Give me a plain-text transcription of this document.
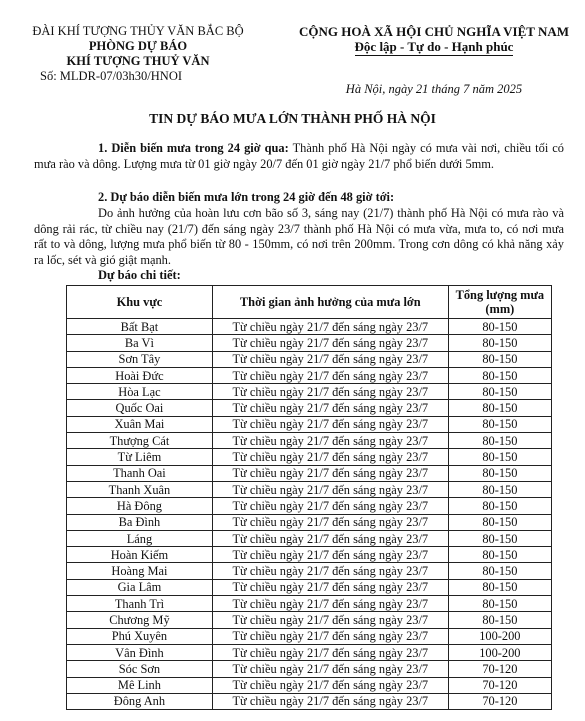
ĐÀI KHÍ TƯỢNG THỦY VĂN BẮC BỘ
PHÒNG DỰ BÁO
KHÍ TƯỢNG THUỶ VĂN
Số: MLDR-07/03h30/HNOI
CỘNG HOÀ XÃ HỘI CHỦ NGHĨA VIỆT NAM
Độc lập - Tự do - Hạnh phúc
Hà Nội, ngày 21 tháng 7 năm 2025
TIN DỰ BÁO MƯA LỚN THÀNH PHỐ HÀ NỘI
1. Diễn biến mưa trong 24 giờ qua: Thành phố Hà Nội ngày có mưa vài nơi, chiều tối có mưa rào và dông. Lượng mưa từ 01 giờ ngày 20/7 đến 01 giờ ngày 21/7 phổ biến dưới 5mm.
2. Dự báo diễn biến mưa lớn trong 24 giờ đến 48 giờ tới:
Do ảnh hưởng của hoàn lưu cơn bão số 3, sáng nay (21/7) thành phố Hà Nội có mưa rào và dông rải rác, từ chiều nay (21/7) đến sáng ngày 23/7 thành phố Hà Nội có mưa vừa, mưa to, có nơi mưa rất to và dông, lượng mưa phổ biến từ 80 - 150mm, có nơi trên 200mm. Trong cơn dông có khả năng xảy ra lốc, sét và gió giật mạnh.
Dự báo chi tiết:
Khu vực	Thời gian ảnh hưởng của mưa lớn	Tổng lượng mưa (mm)
Bất Bạt	Từ chiều ngày 21/7 đến sáng ngày 23/7	80-150
Ba Vì	Từ chiều ngày 21/7 đến sáng ngày 23/7	80-150
Sơn Tây	Từ chiều ngày 21/7 đến sáng ngày 23/7	80-150
Hoài Đức	Từ chiều ngày 21/7 đến sáng ngày 23/7	80-150
Hòa Lạc	Từ chiều ngày 21/7 đến sáng ngày 23/7	80-150
Quốc Oai	Từ chiều ngày 21/7 đến sáng ngày 23/7	80-150
Xuân Mai	Từ chiều ngày 21/7 đến sáng ngày 23/7	80-150
Thượng Cát	Từ chiều ngày 21/7 đến sáng ngày 23/7	80-150
Từ Liêm	Từ chiều ngày 21/7 đến sáng ngày 23/7	80-150
Thanh Oai	Từ chiều ngày 21/7 đến sáng ngày 23/7	80-150
Thanh Xuân	Từ chiều ngày 21/7 đến sáng ngày 23/7	80-150
Hà Đông	Từ chiều ngày 21/7 đến sáng ngày 23/7	80-150
Ba Đình	Từ chiều ngày 21/7 đến sáng ngày 23/7	80-150
Láng	Từ chiều ngày 21/7 đến sáng ngày 23/7	80-150
Hoàn Kiếm	Từ chiều ngày 21/7 đến sáng ngày 23/7	80-150
Hoàng Mai	Từ chiều ngày 21/7 đến sáng ngày 23/7	80-150
Gia Lâm	Từ chiều ngày 21/7 đến sáng ngày 23/7	80-150
Thanh Trì	Từ chiều ngày 21/7 đến sáng ngày 23/7	80-150
Chương Mỹ	Từ chiều ngày 21/7 đến sáng ngày 23/7	80-150
Phú Xuyên	Từ chiều ngày 21/7 đến sáng ngày 23/7	100-200
Vân Đình	Từ chiều ngày 21/7 đến sáng ngày 23/7	100-200
Sóc Sơn	Từ chiều ngày 21/7 đến sáng ngày 23/7	70-120
Mê Linh	Từ chiều ngày 21/7 đến sáng ngày 23/7	70-120
Đông Anh	Từ chiều ngày 21/7 đến sáng ngày 23/7	70-120
